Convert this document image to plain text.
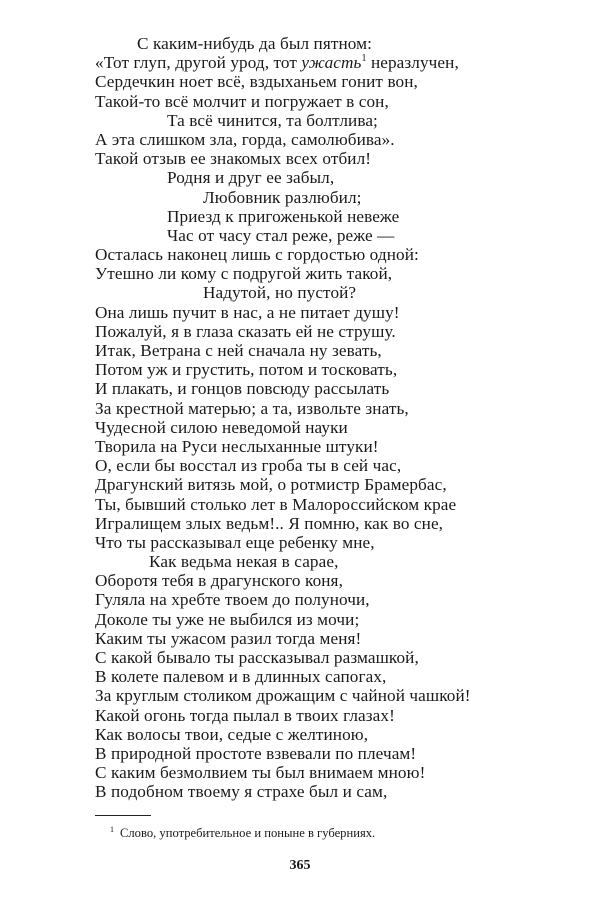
С каким-нибудь да был пятном:
«Тот глуп, другой урод, тот ужасть$^1$ неразлучен,
Сердечкин ноет всё, вздыханьем гонит вон,
Такой-то всё молчит и погружает в сон,
Та всё чинится, та болтлива;
А эта слишком зла, горда, самолюбива».
Такой отзыв ее знакомых всех отбил!
Родня и друг ее забыл,
Любовник разлюбил;
Приезд к пригоженькой невеже
Час от часу стал реже, реже —
Осталась наконец лишь с гордостью одной:
Утешно ли кому с подругой жить такой,
Надутой, но пустой?
Она лишь пучит в нас, а не питает душу!
Пожалуй, я в глаза сказать ей не струшу.
Итак, Ветрана с ней сначала ну зевать,
Потом уж и грустить, потом и тосковать,
И плакать, и гонцов повсюду рассылать
За крестной матерью; а та, извольте знать,
Чудесной силою неведомой науки
Творила на Руси неслыханные штуки!
О, если бы восстал из гроба ты в сей час,
Драгунский витязь мой, о ротмистр Брамербас,
Ты, бывший столько лет в Малороссийском крае
Игралищем злых ведьм!.. Я помню, как во сне,
Что ты рассказывал еще ребенку мне,
Как ведьма некая в сарае,
Оборотя тебя в драгунского коня,
Гуляла на хребте твоем до полуночи,
Доколе ты уже не выбился из мочи;
Каким ты ужасом разил тогда меня!
С какой бывало ты рассказывал размашкой,
В колете палевом и в длинных сапогах,
За круглым столиком дрожащим с чайной чашкой!
Какой огонь тогда пылал в твоих глазах!
Как волосы твои, седые с желтиною,
В природной простоте взвевали по плечам!
С каким безмолвием ты был внимаем мною!
В подобном твоему я страхе был и сам,
$^1$ Слово, употребительное и поныне в губерниях.
365
